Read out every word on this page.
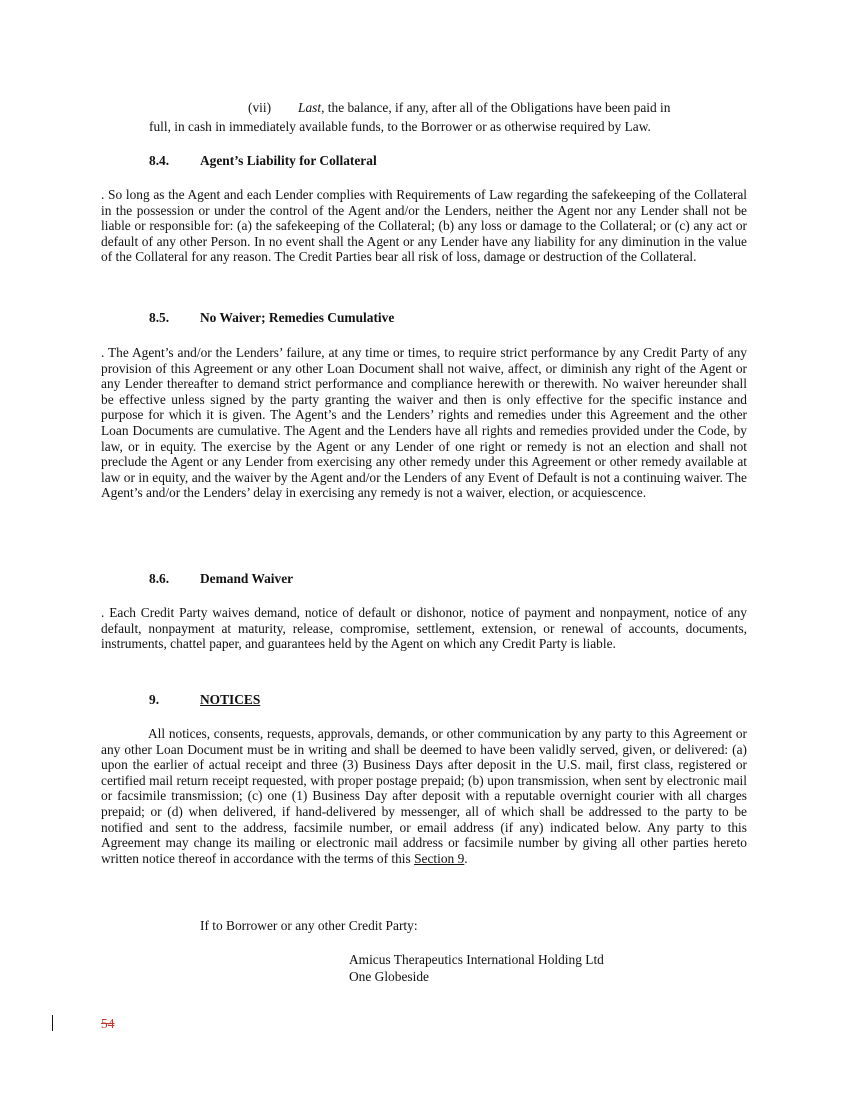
(vii) Last, the balance, if any, after all of the Obligations have been paid in

full, in cash in immediately available funds, to the Borrower or as otherwise required by Law.

8.4. Agent’s Liability for Collateral

. So long as the Agent and each Lender complies with Requirements of Law regarding the safekeeping of the Collateral in the possession or under the control of the Agent and/or the Lenders, neither the Agent nor any Lender shall not be liable or responsible for: (a) the safekeeping of the Collateral; (b) any loss or damage to the Collateral; or (c) any act or default of any other Person. In no event shall the Agent or any Lender have any liability for any diminution in the value of the Collateral for any reason. The Credit Parties bear all risk of loss, damage or destruction of the Collateral.

8.5. No Waiver; Remedies Cumulative

. The Agent’s and/or the Lenders’ failure, at any time or times, to require strict performance by any Credit Party of any provision of this Agreement or any other Loan Document shall not waive, affect, or diminish any right of the Agent or any Lender thereafter to demand strict performance and compliance herewith or therewith. No waiver hereunder shall be effective unless signed by the party granting the waiver and then is only effective for the specific instance and purpose for which it is given. The Agent’s and the Lenders’ rights and remedies under this Agreement and the other Loan Documents are cumulative. The Agent and the Lenders have all rights and remedies provided under the Code, by law, or in equity. The exercise by the Agent or any Lender of one right or remedy is not an election and shall not preclude the Agent or any Lender from exercising any other remedy under this Agreement or other remedy available at law or in equity, and the waiver by the Agent and/or the Lenders of any Event of Default is not a continuing waiver. The Agent’s and/or the Lenders’ delay in exercising any remedy is not a waiver, election, or acquiescence.

8.6. Demand Waiver

. Each Credit Party waives demand, notice of default or dishonor, notice of payment and nonpayment, notice of any default, nonpayment at maturity, release, compromise, settlement, extension, or renewal of accounts, documents, instruments, chattel paper, and guarantees held by the Agent on which any Credit Party is liable.

9.	NOTICES

All notices, consents, requests, approvals, demands, or other communication by any party to this Agreement or any other Loan Document must be in writing and shall be deemed to have been validly served, given, or delivered: (a) upon the earlier of actual receipt and three (3) Business Days after deposit in the U.S. mail, first class, registered or certified mail return receipt requested, with proper postage prepaid; (b) upon transmission, when sent by electronic mail or facsimile transmission; (c) one (1) Business Day after deposit with a reputable overnight courier with all charges prepaid; or (d) when delivered, if hand-delivered by messenger, all of which shall be addressed to the party to be notified and sent to the address, facsimile number, or email address (if any) indicated below. Any party to this Agreement may change its mailing or electronic mail address or facsimile number by giving all other parties hereto written notice thereof in accordance with the terms of this Section 9.

If to Borrower or any other Credit Party:

Amicus Therapeutics International Holding Ltd

One Globeside

54
